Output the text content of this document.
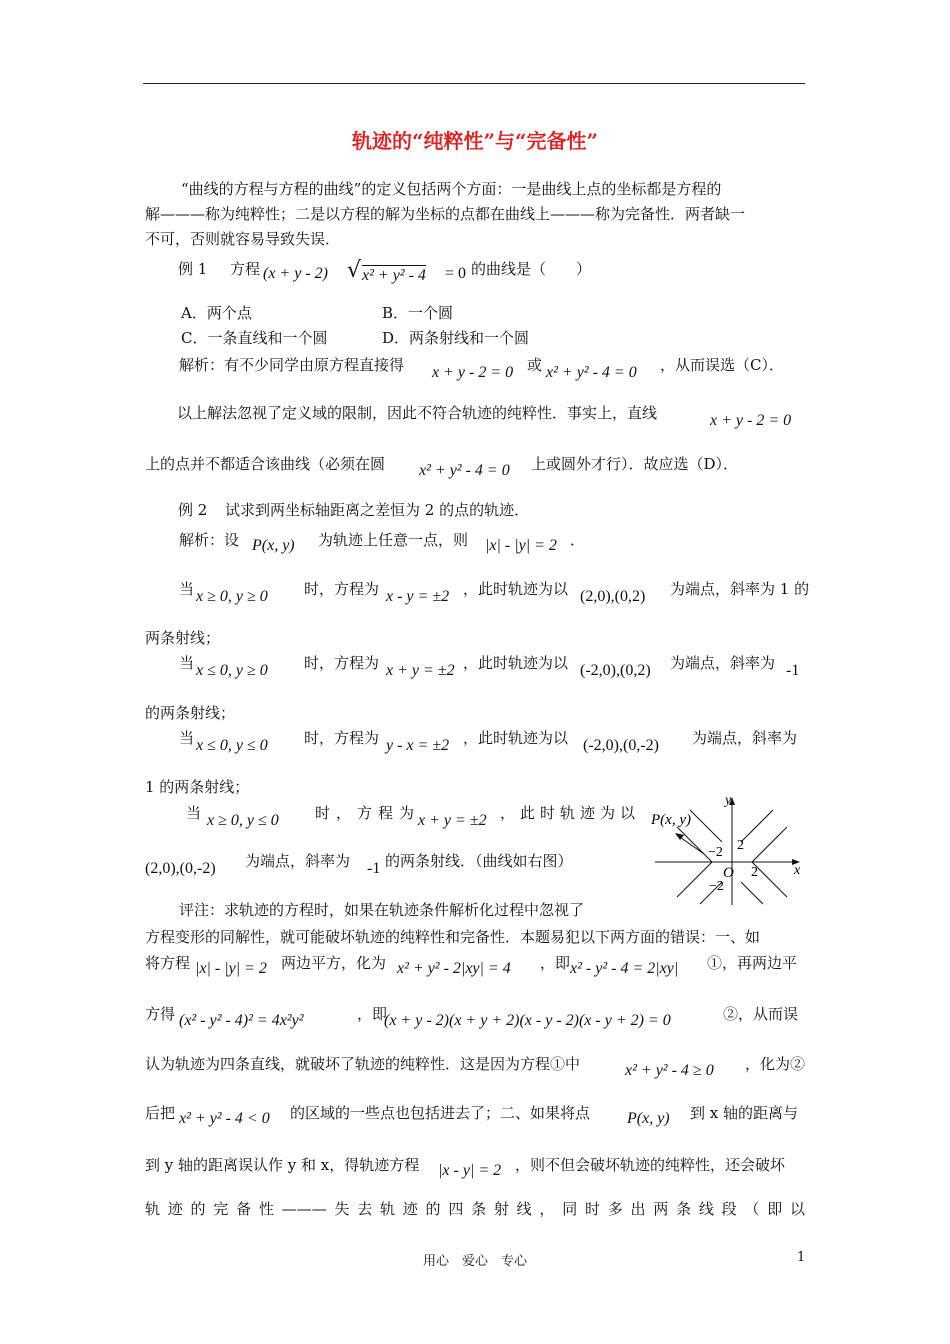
轨迹的“纯粹性”与“完备性”
“曲线的方程与方程的曲线”的定义包括两个方面：一是曲线上点的坐标都是方程的
解———称为纯粹性；二是以方程的解为坐标的点都在曲线上———称为完备性．两者缺一
不可，否则就容易导致失误．
例 1 方程 (x + y - 2) √ x² + y² - 4 = 0 的曲线是（　　）
A．两个点	B．一个圆
C．一条直线和一个圆	D．两条射线和一个圆
解析：有不少同学由原方程直接得 x + y - 2 = 0 或 x² + y² - 4 = 0 ，从而误选（C）．
以上解法忽视了定义域的限制，因此不符合轨迹的纯粹性．事实上，直线	x + y - 2 = 0
上的点并不都适合该曲线（必须在圆 x² + y² - 4 = 0 上或圆外才行）．故应选（D）．
例 2 试求到两坐标轴距离之差恒为 2 的点的轨迹．
解析：设 P(x, y) 为轨迹上任意一点，则 |x| - |y| = 2 ．
当 x ≥ 0, y ≥ 0 时，方程为 x - y = ±2 ，此时轨迹为以 (2,0),(0,2) 为端点，斜率为 1 的
两条射线；
当 x ≤ 0, y ≥ 0 时，方程为 x + y = ±2 ，此时轨迹为以 (-2,0),(0,2) 为端点，斜率为 -1
的两条射线；
当 x ≤ 0, y ≤ 0 时，方程为 y - x = ±2 ，此时轨迹为以 (-2,0),(0,-2) 为端点，斜率为
1 的两条射线；
当 x ≥ 0, y ≤ 0 时，方程为
x + y = ±2 ，此时轨迹为以
(2,0),(0,-2) 为端点，斜率为 -1 的两条射线．（曲线如右图）
y
x
P(x, y)
O
2
−2
2
−2
评注：求轨迹的方程时，如果在轨迹条件解析化过程中忽视了
方程变形的同解性，就可能破坏轨迹的纯粹性和完备性．本题易犯以下两方面的错误：一、如
将方程 |x| - |y| = 2 两边平方，化为 x² + y² - 2|xy| = 4 ，即 x² - y² - 4 = 2|xy| ①，再两边平
方得 (x² - y² - 4)² = 4x²y²	，即
(x + y - 2)(x + y + 2)(x - y - 2)(x - y + 2) = 0	②，从而误
认为轨迹为四条直线，就破坏了轨迹的纯粹性．这是因为方程①中	x² + y² - 4 ≥ 0 ，化为②
后把 x² + y² - 4 < 0 的区域的一些点也包括进去了；二、如果将点 P(x, y) 到 x 轴的距离与
到 y 轴的距离误认作 y 和 x，得轨迹方程 |x - y| = 2 ，则不但会破坏轨迹的纯粹性，还会破坏
轨迹的完备性———失去轨迹的四条射线，同时多出两条线段（即以
用心　爱心　专心	1
